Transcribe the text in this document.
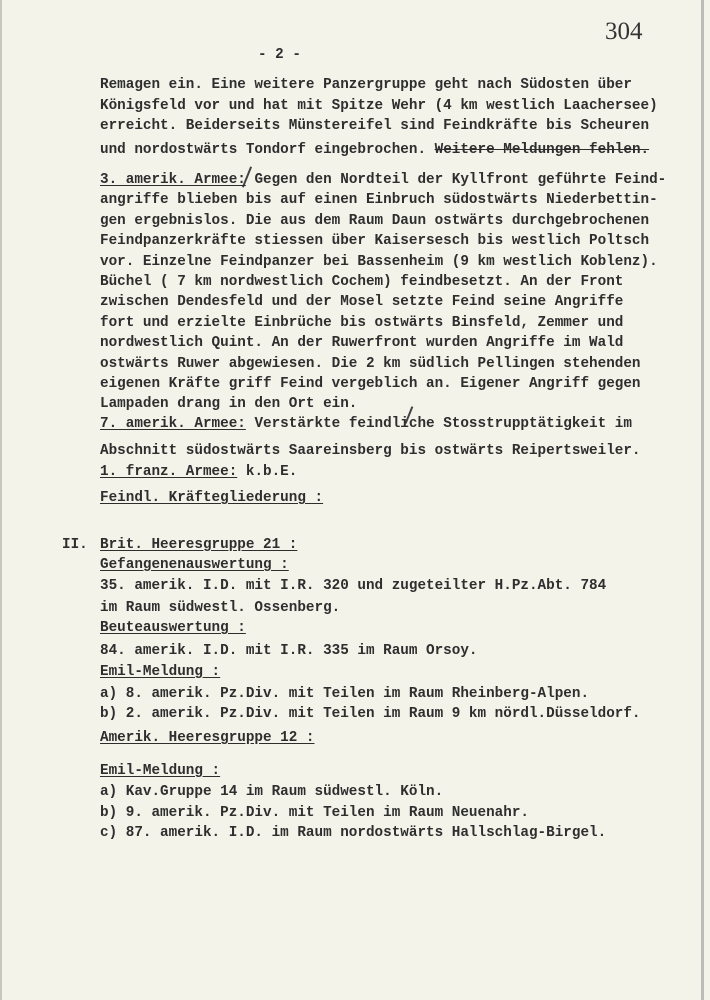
304
- 2 -
II.
Remagen ein. Eine weitere Panzergruppe geht nach Südosten über
Königsfeld vor und hat mit Spitze Wehr (4 km westlich Laachersee)
erreicht. Beiderseits Münstereifel sind Feindkräfte bis Scheuren
und nordostwärts Tondorf eingebrochen. Weitere Meldungen fehlen.
3. amerik. Armee: Gegen den Nordteil der Kyllfront geführte Feind-
angriffe blieben bis auf einen Einbruch südostwärts Niederbettin-
gen ergebnislos. Die aus dem Raum Daun ostwärts durchgebrochenen
Feindpanzerkräfte stiessen über Kaisersesch bis westlich Poltsch
vor. Einzelne Feindpanzer bei Bassenheim (9 km westlich Koblenz).
Büchel ( 7 km nordwestlich Cochem) feindbesetzt. An der Front
zwischen Dendesfeld und der Mosel setzte Feind seine Angriffe
fort und erzielte Einbrüche bis ostwärts Binsfeld, Zemmer und
nordwestlich Quint. An der Ruwerfront wurden Angriffe im Wald
ostwärts Ruwer abgewiesen. Die 2 km südlich Pellingen stehenden
eigenen Kräfte griff Feind vergeblich an. Eigener Angriff gegen
Lampaden drang in den Ort ein.
7. amerik. Armee: Verstärkte feindliche Stosstrupptätigkeit im
Abschnitt südostwärts Saareinsberg bis ostwärts Reipertsweiler.
1. franz. Armee: k.b.E.
Feindl. Kräftegliederung :
Brit. Heeresgruppe 21 :
Gefangenenauswertung :
35. amerik. I.D. mit I.R. 320 und zugeteilter H.Pz.Abt. 784
im Raum südwestl. Ossenberg.
Beuteauswertung :
84. amerik. I.D. mit I.R. 335 im Raum Orsoy.
Emil-Meldung :
a) 8. amerik. Pz.Div. mit Teilen im Raum Rheinberg-Alpen.
b) 2. amerik. Pz.Div. mit Teilen im Raum 9 km nördl.Düsseldorf.
Amerik. Heeresgruppe 12 :
Emil-Meldung :
a) Kav.Gruppe 14 im Raum südwestl. Köln.
b) 9. amerik. Pz.Div. mit Teilen im Raum Neuenahr.
c) 87. amerik. I.D. im Raum nordostwärts Hallschlag-Birgel.
